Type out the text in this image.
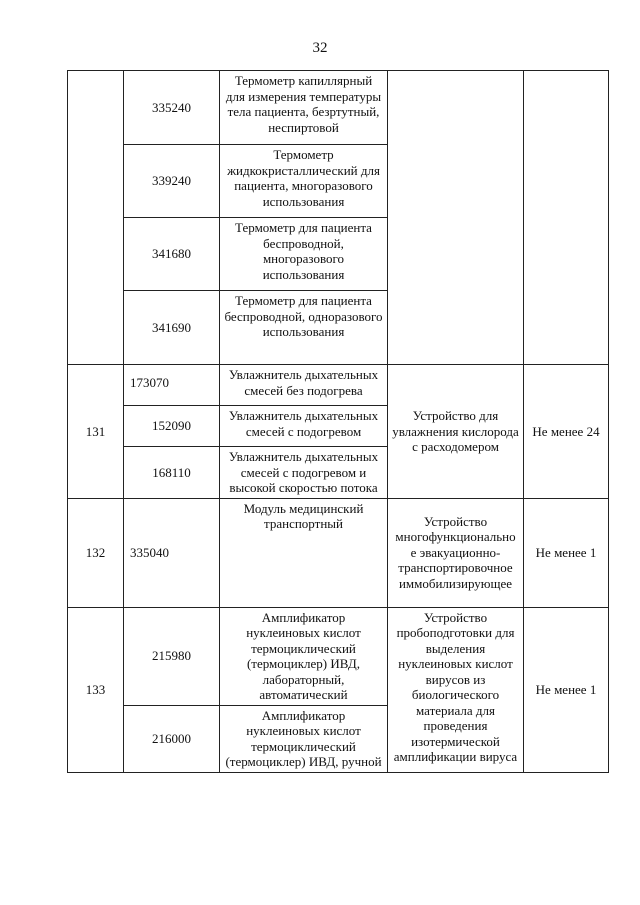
32
	335240	Термометр капиллярный для измерения температуры тела пациента, безртутный, неспиртовой		
	339240	Термометр жидкокристаллический для пациента, многоразового использования		
	341680	Термометр для пациента беспроводной, многоразового использования		
	341690	Термометр для пациента беспроводной, одноразового использования		
131	173070	Увлажнитель дыхательных смесей без подогрева	Устройство для увлажнения кислорода с расходомером	Не менее 24
	152090	Увлажнитель дыхательных смесей с подогревом		
	168110	Увлажнитель дыхательных смесей с подогревом и высокой скоростью потока		
132	335040	Модуль медицинский транспортный	Устройство многофункционально е эвакуационно-транспортировочное иммобилизирующее	Не менее 1
133	215980	Амплификатор нуклеиновых кислот термоциклический (термоциклер) ИВД, лабораторный, автоматический	Устройство пробоподготовки для выделения нуклеиновых кислот вирусов из биологического материала для проведения изотермической амплификации вируса	Не менее 1
	216000	Амплификатор нуклеиновых кислот термоциклический (термоциклер) ИВД, ручной		
